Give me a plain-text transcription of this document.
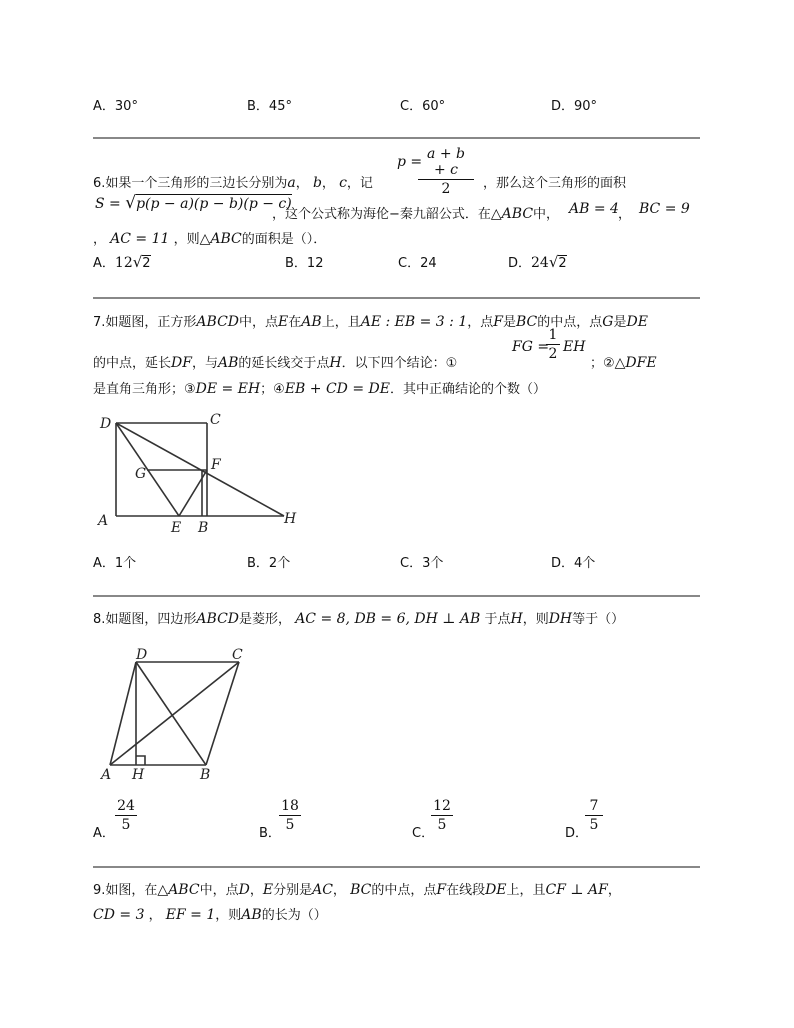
A．30°	B．45°	C．60°	D．90°
6.如果一个三角形的三边长分别为a， b， c，记
p =
$\frac{a + b + c}{2}$ ，那么这个三角形的面积
S = √p(p − a)(p − b)(p − c)
，这个公式称为海伦−秦九韶公式．在△ABC中， AB = 4 ， BC = 9
， AC = 11 ，则△ABC的面积是（）．
A．12√2	B．12	C．24	D．24√2
7.如题图，正方形ABCD中，点E在AB上，且AE : EB = 3 : 1，点F是BC的中点，点G是DE
的中点，延长DF，与AB的延长线交于点H．以下四个结论：①
FG =
$\frac{1}{2}$ EH
；②△DFE
是直角三角形；③DE = EH；④EB + CD = DE．其中正确结论的个数（）
D	C
G
F
A	E B
H
A．1个	B．2个	C．3个	D．4个
8.如题图，四边形ABCD是菱形， AC = 8, DB = 6, DH ⊥ AB 于点H，则DH等于（）
D	C
A H	B
A．
$\frac{24}{5}$
B．
$\frac{18}{5}$
C．
$\frac{12}{5}$
D．
$\frac{7}{5}$
9.如图，在△ABC中，点D，E分别是AC， BC的中点，点F在线段DE上，且CF ⊥ AF，
CD = 3 ， EF = 1，则AB的长为（）
